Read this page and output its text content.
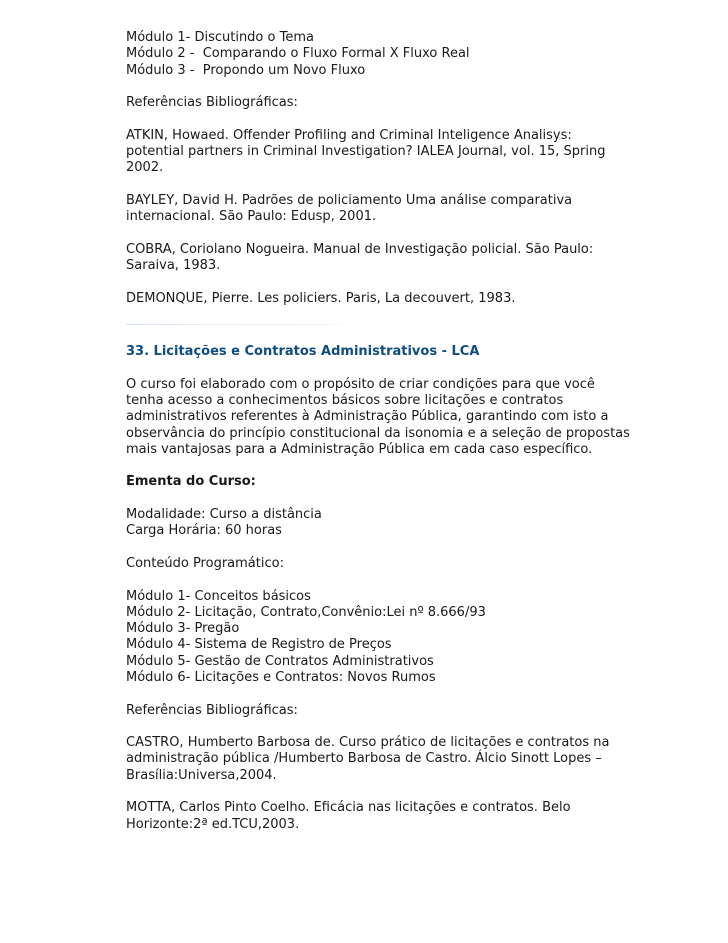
Módulo 1- Discutindo o Tema
Módulo 2 -  Comparando o Fluxo Formal X Fluxo Real
Módulo 3 -  Propondo um Novo Fluxo
Referências Bibliográficas:
ATKIN, Howaed. Offender Profiling and Criminal Inteligence Analisys:
potential partners in Criminal Investigation? IALEA Journal, vol. 15, Spring
2002.
BAYLEY, David H. Padrões de policiamento Uma análise comparativa
internacional. São Paulo: Edusp, 2001.
COBRA, Coriolano Nogueira. Manual de Investigação policial. São Paulo:
Saraiva, 1983.
DEMONQUE, Pierre. Les policiers. Paris, La decouvert, 1983.
33. Licitações e Contratos Administrativos - LCA
O curso foi elaborado com o propósito de criar condições para que você
tenha acesso a conhecimentos básicos sobre licitações e contratos
administrativos referentes à Administração Pública, garantindo com isto a
observância do princípio constitucional da isonomia e a seleção de propostas
mais vantajosas para a Administração Pública em cada caso específico.
Ementa do Curso:
Modalidade: Curso a distância
Carga Horária: 60 horas
Conteúdo Programático:
Módulo 1- Conceitos básicos
Módulo 2- Licitação, Contrato,Convênio:Lei nº 8.666/93
Módulo 3- Pregão
Módulo 4- Sistema de Registro de Preços
Módulo 5- Gestão de Contratos Administrativos
Módulo 6- Licitações e Contratos: Novos Rumos
Referências Bibliográficas:
CASTRO, Humberto Barbosa de. Curso prático de licitações e contratos na
administração pública /Humberto Barbosa de Castro. Álcio Sinott Lopes –
Brasília:Universa,2004.
MOTTA, Carlos Pinto Coelho. Eficácia nas licitações e contratos. Belo
Horizonte:2ª ed.TCU,2003.
